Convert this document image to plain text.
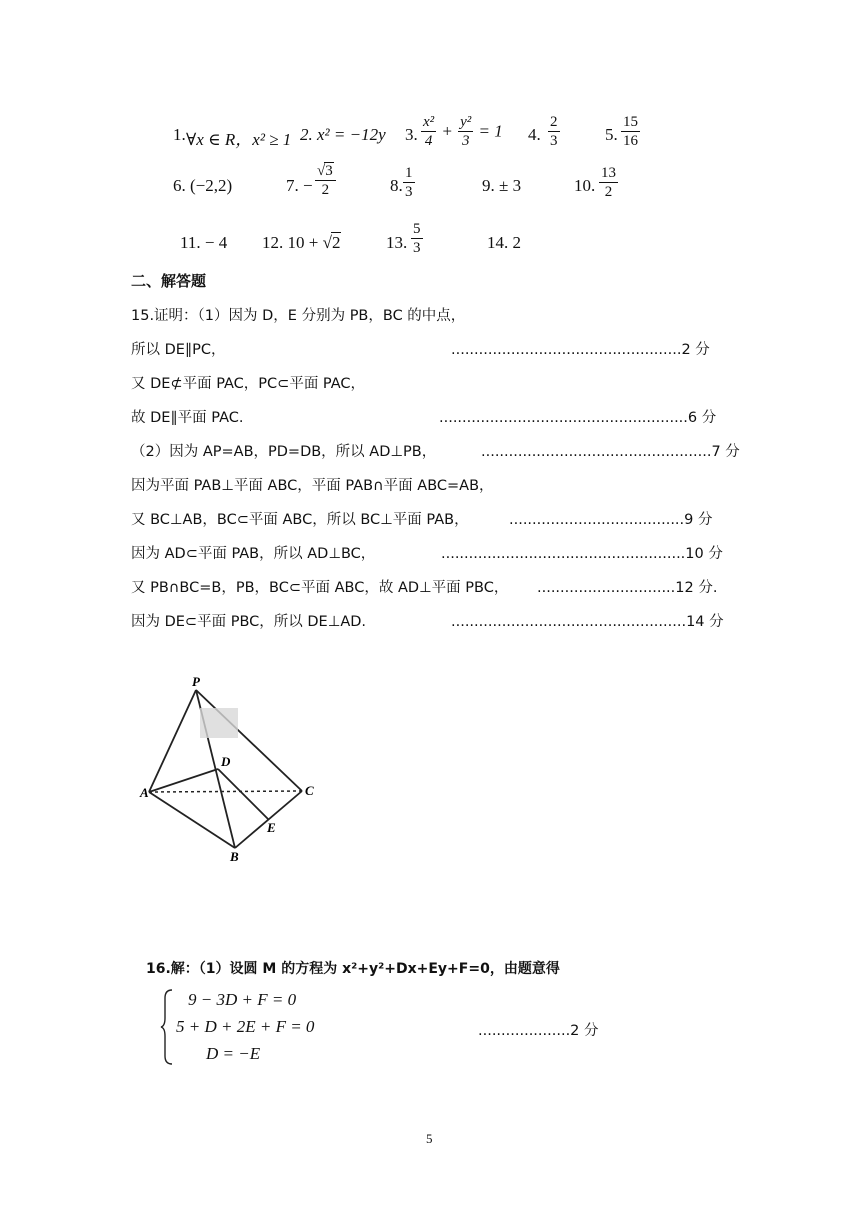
1. ∀x ∈ R，x² ≥ 1 2. x² = −12y 3. $\frac{\text{x²}}{4} + \frac{\text{y²}}{3} = 1$ 4. $\frac{2}{3}$	5. $\frac{15}{16}$
6. (−2,2)	7. − $\frac{√3}{2}$	8. $\frac{1}{3}$	9. ± 3	10. $\frac{13}{2}$
11. − 4 12. 10 + √2	13. $\frac{5}{3}$	14. 2
二、解答题
15.证明：（1）因为 D，E 分别为 PB，BC 的中点，
所以 DE∥PC，	..................................................2 分
又 DE⊄平面 PAC，PC⊂平面 PAC，
故 DE∥平面 PAC.	......................................................6 分
（2）因为 AP=AB，PD=DB，所以 AD⊥PB，	..................................................7 分
因为平面 PAB⊥平面 ABC，平面 PAB∩平面 ABC=AB，
又 BC⊥AB，BC⊂平面 ABC，所以 BC⊥平面 PAB，	......................................9 分
因为 AD⊂平面 PAB，所以 AD⊥BC，	.....................................................10 分
又 PB∩BC=B，PB，BC⊂平面 ABC，故 AD⊥平面 PBC， ..............................12 分.
因为 DE⊂平面 PBC，所以 DE⊥AD.	...................................................14 分
P
A
B
C
D
E
16.解：（1）设圆 M 的方程为 x²+y²+Dx+Ey+F=0，由题意得
9 − 3D + F = 0
5 + D + 2E + F = 0
D = −E
....................2 分
5
